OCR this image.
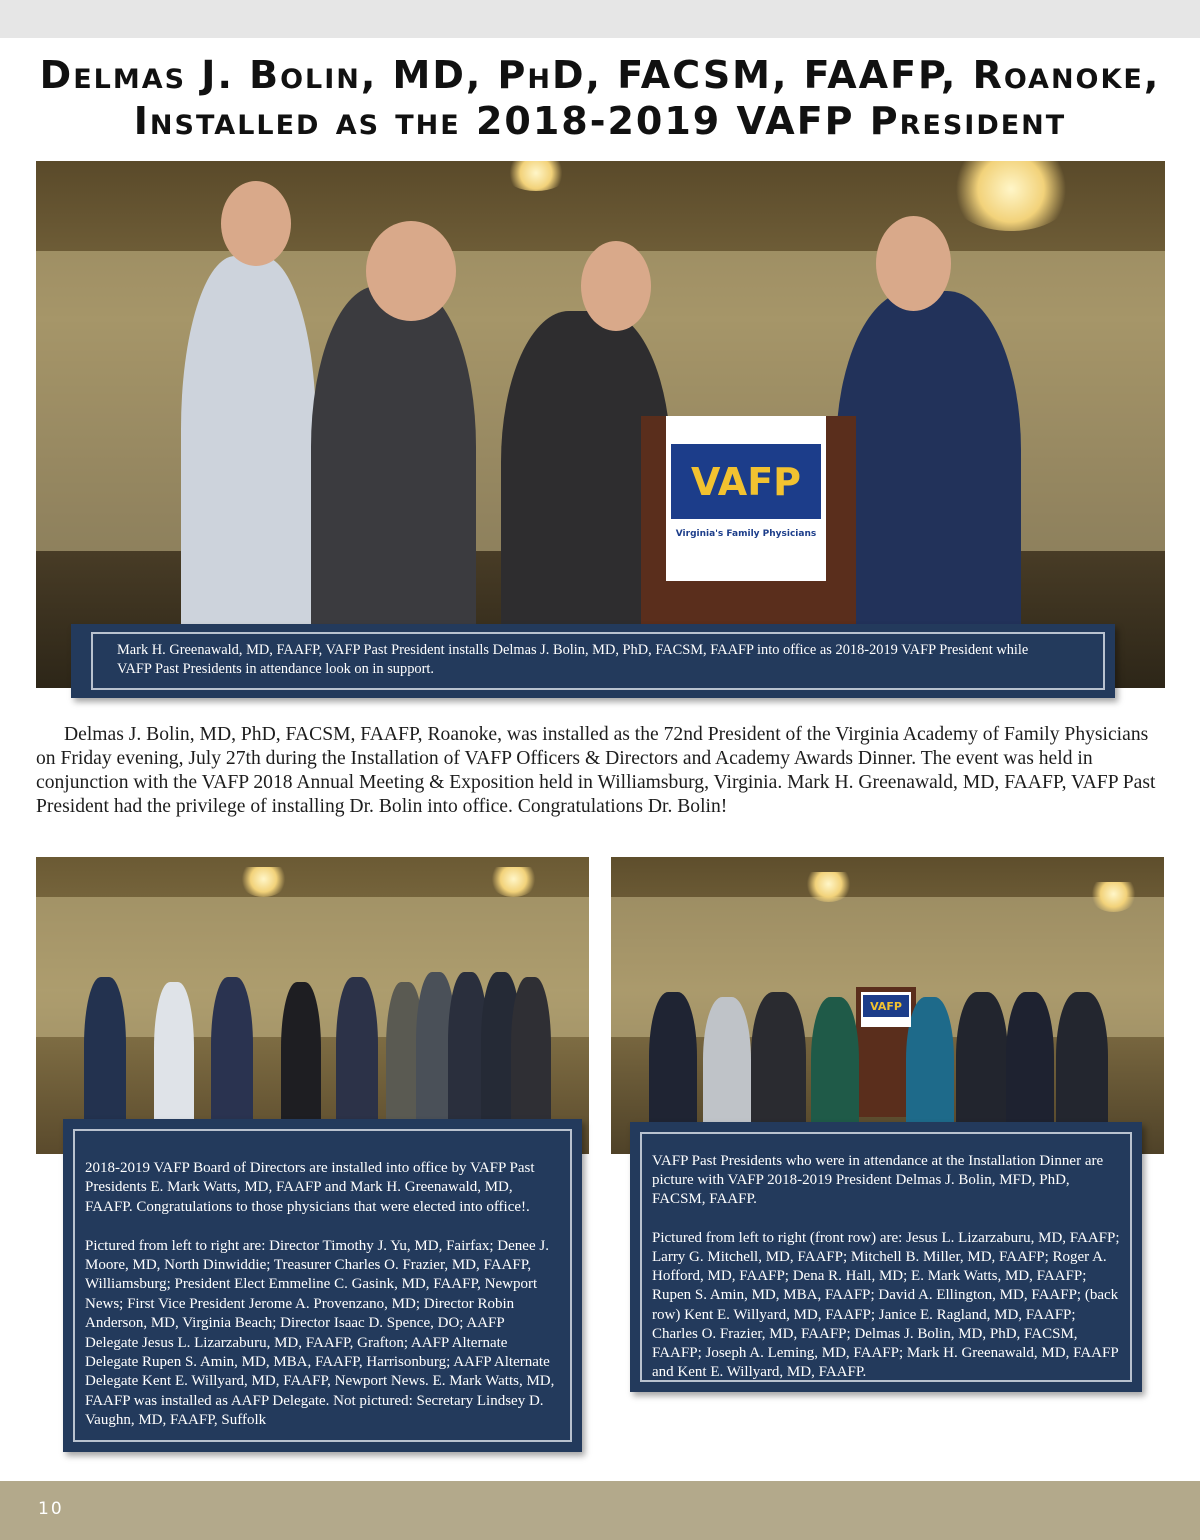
Delmas J. Bolin, MD, PhD, FACSM, FAAFP, Roanoke,
Installed as the 2018-2019 VAFP President
VAFP
Virginia's Family Physicians
Mark H. Greenawald, MD, FAAFP, VAFP Past President installs Delmas J. Bolin, MD, PhD, FACSM, FAAFP into office as 2018-2019 VAFP President while VAFP Past Presidents in attendance look on in support.
Delmas J. Bolin, MD, PhD, FACSM, FAAFP, Roanoke, was installed as the 72nd President of the Virginia Academy of Family Physicians on Friday evening, July 27th during the Installation of VAFP Officers & Directors and Academy Awards Dinner. The event was held in conjunction with the VAFP 2018 Annual Meeting & Exposition held in Williamsburg, Virginia. Mark H. Greenawald, MD, FAAFP, VAFP Past President had the privilege of installing Dr. Bolin into office. Congratulations Dr. Bolin!
VAFP
2018-2019 VAFP Board of Directors are installed into office by VAFP Past Presidents E. Mark Watts, MD, FAAFP and Mark H. Greenawald, MD, FAAFP. Congratulations to those physicians that were elected into office!.

Pictured from left to right are: Director Timothy J. Yu, MD, Fairfax; Denee J. Moore, MD, North Dinwiddie; Treasurer Charles O. Frazier, MD, FAAFP, Williamsburg; President Elect Emmeline C. Gasink, MD, FAAFP, Newport News; First Vice President Jerome A. Provenzano, MD; Director Robin Anderson, MD, Virginia Beach; Director Isaac D. Spence, DO; AAFP Delegate Jesus L. Lizarzaburu, MD, FAAFP, Grafton; AAFP Alternate Delegate Rupen S. Amin, MD, MBA, FAAFP, Harrisonburg; AAFP Alternate Delegate Kent E. Willyard, MD, FAAFP, Newport News. E. Mark Watts, MD, FAAFP was installed as AAFP Delegate. Not pictured: Secretary Lindsey D. Vaughn, MD, FAAFP, Suffolk
VAFP Past Presidents who were in attendance at the Installation Dinner are picture with VAFP 2018-2019 President Delmas J. Bolin, MFD, PhD, FACSM, FAAFP.

Pictured from left to right (front row) are: Jesus L. Lizarzaburu, MD, FAAFP; Larry G. Mitchell, MD, FAAFP; Mitchell B. Miller, MD, FAAFP; Roger A. Hofford, MD, FAAFP; Dena R. Hall, MD; E. Mark Watts, MD, FAAFP; Rupen S. Amin, MD, MBA, FAAFP; David A. Ellington, MD, FAAFP; (back row) Kent E. Willyard, MD, FAAFP; Janice E. Ragland, MD, FAAFP; Charles O. Frazier, MD, FAAFP; Delmas J. Bolin, MD, PhD, FACSM, FAAFP; Joseph A. Leming, MD, FAAFP; Mark H. Greenawald, MD, FAAFP and Kent E. Willyard, MD, FAAFP.
10
